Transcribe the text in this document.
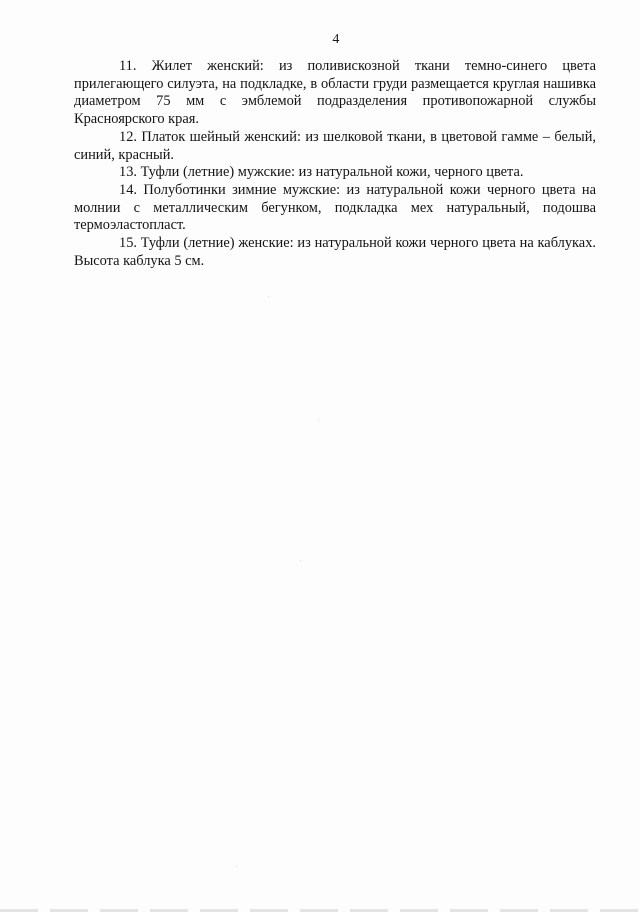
4

11. Жилет женский: из поливискозной ткани темно-синего цвета прилегающего силуэта, на подкладке, в области груди размещается круглая нашивка диаметром 75 мм с эмблемой подразделения противопожарной службы Красноярского края.

12. Платок шейный женский: из шелковой ткани, в цветовой гамме – белый, синий, красный.

13. Туфли (летние) мужские: из натуральной кожи, черного цвета.

14. Полуботинки зимние мужские: из натуральной кожи черного цвета на молнии с металлическим бегунком, подкладка мех натуральный, подошва термоэластопласт.

15. Туфли (летние) женские: из натуральной кожи черного цвета на каблуках. Высота каблука 5 см.
